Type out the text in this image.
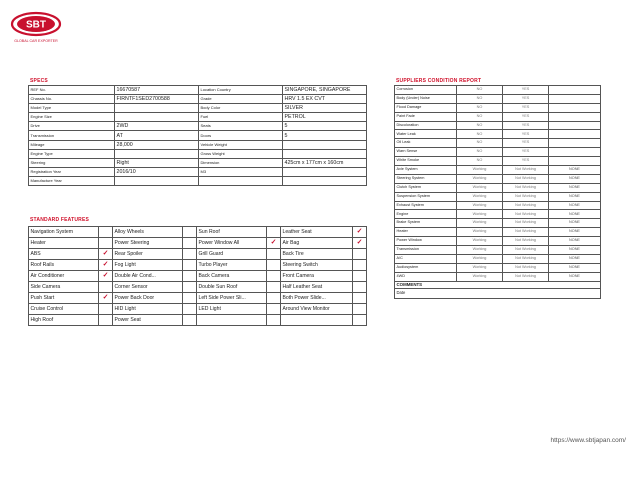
SBT
GLOBAL CAR EXPORTER
SPECS
REF No.	16670587	Location Country	SINGAPORE, SINGAPORE
Chassis No.	FIRNTF1SED2700588	Grade	HRV 1.5 EX CVT
Model Type		Body Color	SILVER
Engine Size		Fuel	PETROL
Drive	2WD	Seats	5
Transmission	AT	Doors	5
Mileage	28,000	Vehicle Weight	
Engine Type		Gross Weight	
Steering	Right	Dimension	425cm x 177cm x 160cm
Registration Year	2016/10	M3	
Manufacture Year			
STANDARD FEATURES
Navigation System		Alloy Wheels		Sun Roof		Leather Seat	✓
Heater		Power Steering		Power Window All	✓	Air Bag	✓
ABS	✓	Rear Spoiler		Grill Guard		Back Tire	
Roof Rails	✓	Fog Light		Turbo Player		Steering Switch	
Air Conditioner	✓	Double Air Cond...		Back Camera		Front Camera	
Side Camera		Corner Sensor		Double Sun Roof		Half Leather Seat	
Push Start	✓	Power Back Door		Left Side Power Sli...		Both Power Slide...	
Cruise Control		HID Light		LED Light		Around View Monitor	
High Roof		Power Seat					
SUPPLIERS CONDITION REPORT
Corrosion	NO	YES	
Body (Under) Noise	NO	YES	
Flood Damage	NO	YES	
Paint Fade	NO	YES	
Discoloration	NO	YES	
Water Leak	NO	YES	
Oil Leak	NO	YES	
Warn Sense	NO	YES	
White Smoke	NO	YES	
Axle System	Working	Not Working	NONE
Steering System	Working	Not Working	NONE
Clutch System	Working	Not Working	NONE
Suspension System	Working	Not Working	NONE
Exhaust System	Working	Not Working	NONE
Engine	Working	Not Working	NONE
Brake System	Working	Not Working	NONE
Heater	Working	Not Working	NONE
Power Window	Working	Not Working	NONE
Transmission	Working	Not Working	NONE
A/C	Working	Not Working	NONE
Audiosystem	Working	Not Working	NONE
4WD	Working	Not Working	NONE
COMMENTS			
Date			
https://www.sbtjapan.com/
